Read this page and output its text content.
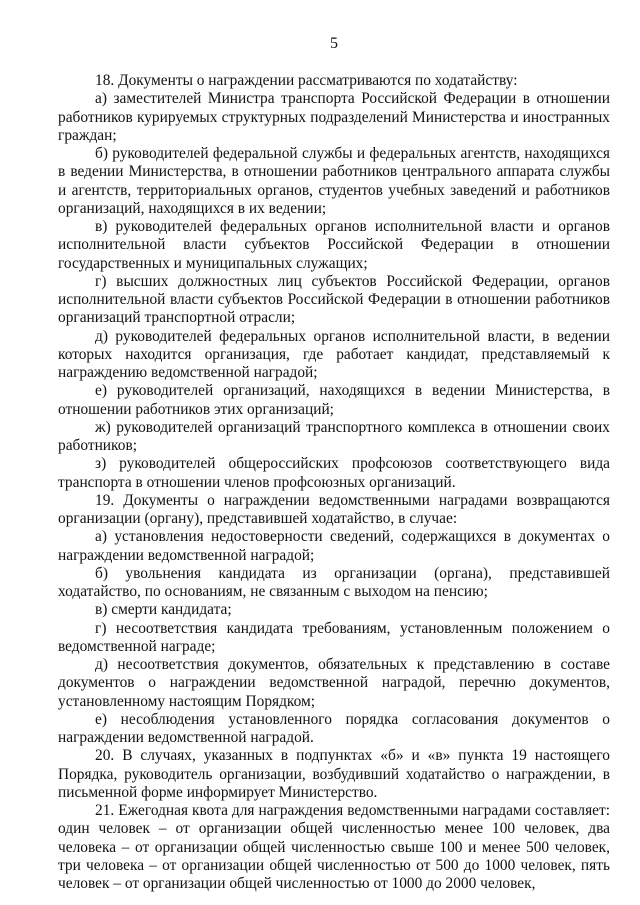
5

18. Документы о награждении рассматриваются по ходатайству:

а) заместителей Министра транспорта Российской Федерации в отношении работников курируемых структурных подразделений Министерства и иностранных граждан;

б) руководителей федеральной службы и федеральных агентств, находящихся в ведении Министерства, в отношении работников центрального аппарата службы и агентств, территориальных органов, студентов учебных заведений и работников организаций, находящихся в их ведении;

в) руководителей федеральных органов исполнительной власти и органов исполнительной власти субъектов Российской Федерации в отношении государственных и муниципальных служащих;

г) высших должностных лиц субъектов Российской Федерации, органов исполнительной власти субъектов Российской Федерации в отношении работников организаций транспортной отрасли;

д) руководителей федеральных органов исполнительной власти, в ведении которых находится организация, где работает кандидат, представляемый к награждению ведомственной наградой;

е) руководителей организаций, находящихся в ведении Министерства, в отношении работников этих организаций;

ж) руководителей организаций транспортного комплекса в отношении своих работников;

з) руководителей общероссийских профсоюзов соответствующего вида транспорта в отношении членов профсоюзных организаций.

19. Документы о награждении ведомственными наградами возвращаются организации (органу), представившей ходатайство, в случае:

а) установления недостоверности сведений, содержащихся в документах о награждении ведомственной наградой;

б) увольнения кандидата из организации (органа), представившей ходатайство, по основаниям, не связанным с выходом на пенсию;

в) смерти кандидата;

г) несоответствия кандидата требованиям, установленным положением о ведомственной награде;

д) несоответствия документов, обязательных к представлению в составе документов о награждении ведомственной наградой, перечню документов, установленному настоящим Порядком;

е) несоблюдения установленного порядка согласования документов о награждении ведомственной наградой.

20. В случаях, указанных в подпунктах «б» и «в» пункта 19 настоящего Порядка, руководитель организации, возбудивший ходатайство о награждении, в письменной форме информирует Министерство.

21. Ежегодная квота для награждения ведомственными наградами составляет: один человек – от организации общей численностью менее 100 человек, два человека – от организации общей численностью свыше 100 и менее 500 человек, три человека – от организации общей численностью от 500 до 1000 человек, пять человек – от организации общей численностью от 1000 до 2000 человек,
